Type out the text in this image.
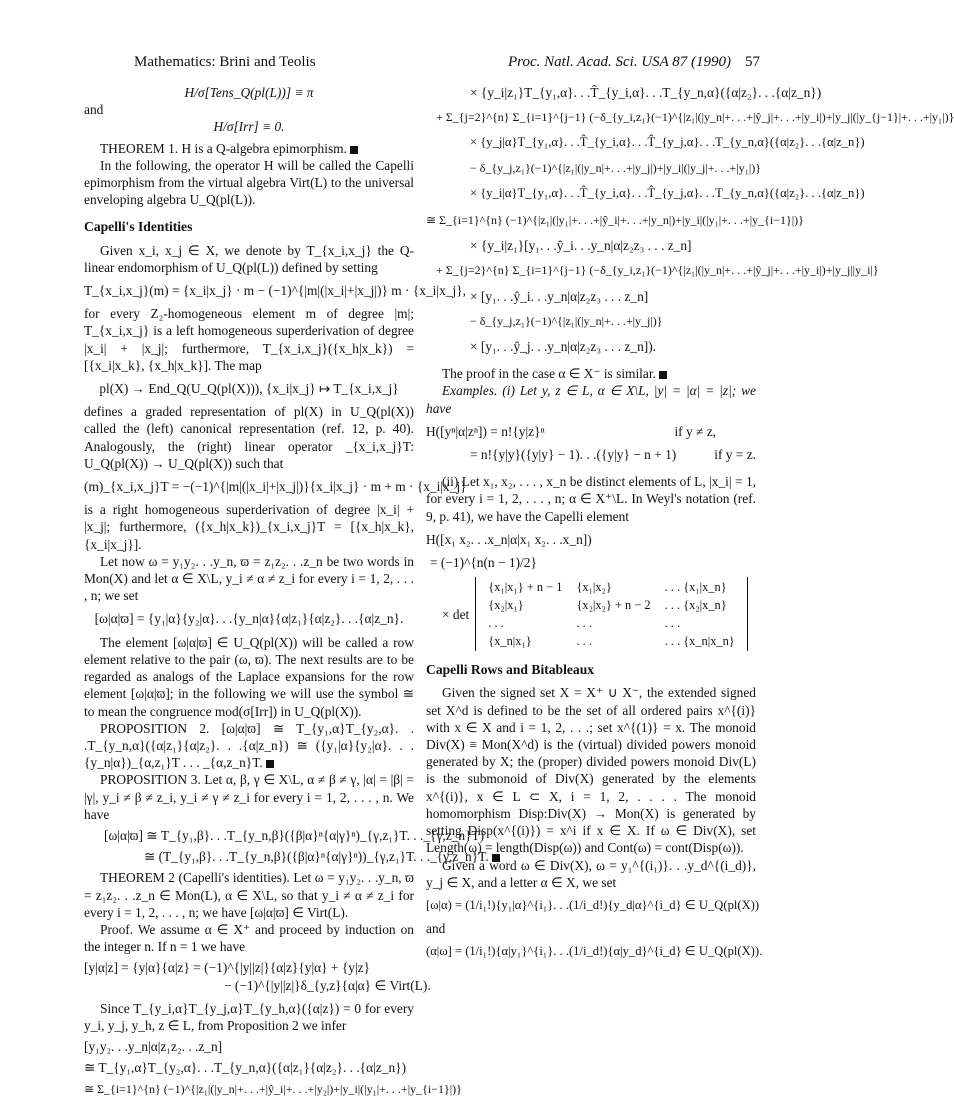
Mathematics: Brini and Teolis	Proc. Natl. Acad. Sci. USA 87 (1990) 57
H/σ[Tens_Q(pl(L))] ≡ π
and
H/σ[Irr] ≡ 0.

THEOREM 1. H is a Q-algebra epimorphism.

In the following, the operator H will be called the Capelli epimorphism from the virtual algebra Virt(L) to the universal enveloping algebra U_Q(pl(L)).

Capelli's Identities

Given x_i, x_j ∈ X, we denote by T_{x_i,x_j} the Q-linear endomorphism of U_Q(pl(L)) defined by setting

T_{x_i,x_j}(m) = {x_i|x_j} · m − (−1)^{|m|(|x_i|+|x_j|)} m · {x_i|x_j},

for every Z₂-homogeneous element m of degree |m|; T_{x_i,x_j} is a left homogeneous superderivation of degree |x_i| + |x_j|; furthermore, T_{x_i,x_j}({x_h|x_k}) = [{x_i|x_k}, {x_h|x_k}]. The map

pl(X) → End_Q(U_Q(pl(X))), {x_i|x_j} ↦ T_{x_i,x_j}

defines a graded representation of pl(X) in U_Q(pl(X)) called the (left) canonical representation (ref. 12, p. 40). Analogously, the (right) linear operator _{x_i,x_j}T: U_Q(pl(X)) → U_Q(pl(X)) such that

(m)_{x_i,x_j}T = −(−1)^{|m|(|x_i|+|x_j|)}{x_i|x_j} · m + m · {x_i|x_j}

is a right homogeneous superderivation of degree |x_i| + |x_j|; furthermore, ({x_h|x_k})_{x_i,x_j}T = [{x_h|x_k}, {x_i|x_j}].

Let now ω = y₁y₂. . .y_n, ϖ = z₁z₂. . .z_n be two words in Mon(X) and let α ∈ X\L, y_i ≠ α ≠ z_i for every i = 1, 2, . . . , n; we set

[ω|α|ϖ] = {y₁|α}{y₂|α}. . .{y_n|α}{α|z₁}{α|z₂}. . .{α|z_n}.

The element [ω|α|ϖ] ∈ U_Q(pl(X)) will be called a row element relative to the pair (ω, ϖ). The next results are to be regarded as analogs of the Laplace expansions for the row element [ω|α|ϖ]; in the following we will use the symbol ≅ to mean the congruence mod(σ[Irr]) in U_Q(pl(X)).

PROPOSITION 2. [ω|α|ϖ] ≅ T_{y₁,α}T_{y₂,α}. . .T_{y_n,α}({α|z₁}{α|z₂}. . .{α|z_n}) ≅ ({y₁|α}{y₂|α}. . .{y_n|α})_{α,z₁}T . . . _{α,z_n}T.

PROPOSITION 3. Let α, β, γ ∈ X\L, α ≠ β ≠ γ, |α| = |β| = |γ|, y_i ≠ β ≠ z_i, y_i ≠ γ ≠ z_i for every i = 1, 2, . . . , n. We have

[ω|α|ϖ] ≅ T_{y₁,β}. . .T_{y_n,β}({β|α}ⁿ{α|γ}ⁿ)_{γ,z₁}T. . ._{γ,z_n}T)
≅ (T_{y₁,β}. . .T_{y_n,β}({β|α}ⁿ{α|γ}ⁿ))_{γ,z₁}T. . ._{γ,z_n}T.

THEOREM 2 (Capelli's identities). Let ω = y₁y₂. . .y_n, ϖ = z₁z₂. . .z_n ∈ Mon(L), α ∈ X\L, so that y_i ≠ α ≠ z_i for every i = 1, 2, . . . , n; we have [ω|α|ϖ] ∈ Virt(L).

Proof. We assume α ∈ X⁺ and proceed by induction on the integer n. If n = 1 we have

[y|α|z] = {y|α}{α|z} = (−1)^{|y||z|}{α|z}{y|α} + {y|z}
− (−1)^{|y||z|}δ_{y,z}{α|α} ∈ Virt(L).

Since T_{y_i,α}T_{y_j,α}T_{y_h,α}({α|z}) = 0 for every y_i, y_j, y_h, z ∈ L, from Proposition 2 we infer

[y₁y₂. . .y_n|α|z₁z₂. . .z_n]
≅ T_{y₁,α}T_{y₂,α}. . .T_{y_n,α}({α|z₁}{α|z₂}. . .{α|z_n})
≅ Σ_{i=1}^{n} (−1)^{|z₁|(|y_n|+. . .+|ŷ_i|+. . .+|y₂|)+|y_i|(|y₁|+. . .+|y_{i−1}|)}
× {y_i|z₁}T_{y₁,α}. . .T̂_{y_i,α}. . .T_{y_n,α}({α|z₂}. . .{α|z_n})
+ Σ_{j=2}^{n} Σ_{i=1}^{j−1} (−δ_{y_i,z₁}(−1)^{|z₁|(|y_n|+. . .+|ŷ_j|+. . .+|y_i|)+|y_j|(|y_{j−1}|+. . .+|y₁|)}
× {y_j|α}T_{y₁,α}. . .T̂_{y_i,α}. . .T̂_{y_j,α}. . .T_{y_n,α}({α|z₂}. . .{α|z_n})
− δ_{y_j,z₁}(−1)^{|z₁|(|y_n|+. . .+|y_j|)+|y_i|(|y_j|+. . .+|y₁|)}
× {y_i|α}T_{y₁,α}. . .T̂_{y_i,α}. . .T̂_{y_j,α}. . .T_{y_n,α}({α|z₂}. . .{α|z_n})
≅ Σ_{i=1}^{n} (−1)^{|z₁|(|y₁|+. . .+|ŷ_i|+. . .+|y_n|)+|y_i|(|y₁|+. . .+|y_{i−1}|)}
× {y_i|z₁}[y₁. . .ŷ_i. . .y_n|α|z₂z₃ . . . z_n]
+ Σ_{j=2}^{n} Σ_{i=1}^{j−1} (−δ_{y_i,z₁}(−1)^{|z₁|(|y_n|+. . .+|ŷ_j|+. . .+|y_i|)+|y_j||y_i|}
× [y₁. . .ŷ_i. . .y_n|α|z₂z₃ . . . z_n]
− δ_{y_j,z₁}(−1)^{|z₁|(|y_n|+. . .+|y_j|)}
× [y₁. . .ŷ_j. . .y_n|α|z₂z₃ . . . z_n]).

The proof in the case α ∈ X⁻ is similar.

Examples. (i) Let y, z ∈ L, α ∈ X\L, |y| = |α| = |z|; we have

H([yⁿ|α|zⁿ]) = n!{y|z}ⁿ	if y ≠ z,
= n!{y|y}({y|y} − 1). . .({y|y} − n + 1)	if y = z.

(ii) Let x₁, x₂, . . . , x_n be distinct elements of L, |x_i| = 1, for every i = 1, 2, . . . , n; α ∈ X⁺\L. In Weyl's notation (ref. 9, p. 41), we have the Capelli element

H([x₁ x₂. . .x_n|α|x₁ x₂. . .x_n])
= (−1)^{n(n − 1)/2}
× det
{x₁|x₁} + n − 1	{x₁|x₂}	. . . {x₁|x_n}
{x₂|x₁}	{x₂|x₂} + n − 2	. . . {x₂|x_n}
. . .	. . .	. . .
{x_n|x₁}	. . .	. . . {x_n|x_n}
Capelli Rows and Bitableaux

Given the signed set X = X⁺ ∪ X⁻, the extended signed set X^d is defined to be the set of all ordered pairs x^{(i)} with x ∈ X and i = 1, 2, . . .; set x^{(1)} = x. The monoid Div(X) ≡ Mon(X^d) is the (virtual) divided powers monoid generated by X; the (proper) divided powers monoid Div(L) is the submonoid of Div(X) generated by the elements x^{(i)}, x ∈ L ⊂ X, i = 1, 2, . . . . The monoid homomorphism Disp:Div(X) → Mon(X) is generated by setting Disp(x^{(i)}) = x^i if x ∈ X. If ω ∈ Div(X), set Length(ω) = length(Disp(ω)) and Cont(ω) = cont(Disp(ω)).

Given a word ω ∈ Div(X), ω = y₁^{(i₁)}. . .y_d^{(i_d)}, y_j ∈ X, and a letter α ∈ X, we set

[ω|α) = (1/i₁!){y₁|α}^{i₁}. . .(1/i_d!){y_d|α}^{i_d} ∈ U_Q(pl(X))
and
(α|ω] = (1/i₁!){α|y₁}^{i₁}. . .(1/i_d!){α|y_d}^{i_d} ∈ U_Q(pl(X)).
